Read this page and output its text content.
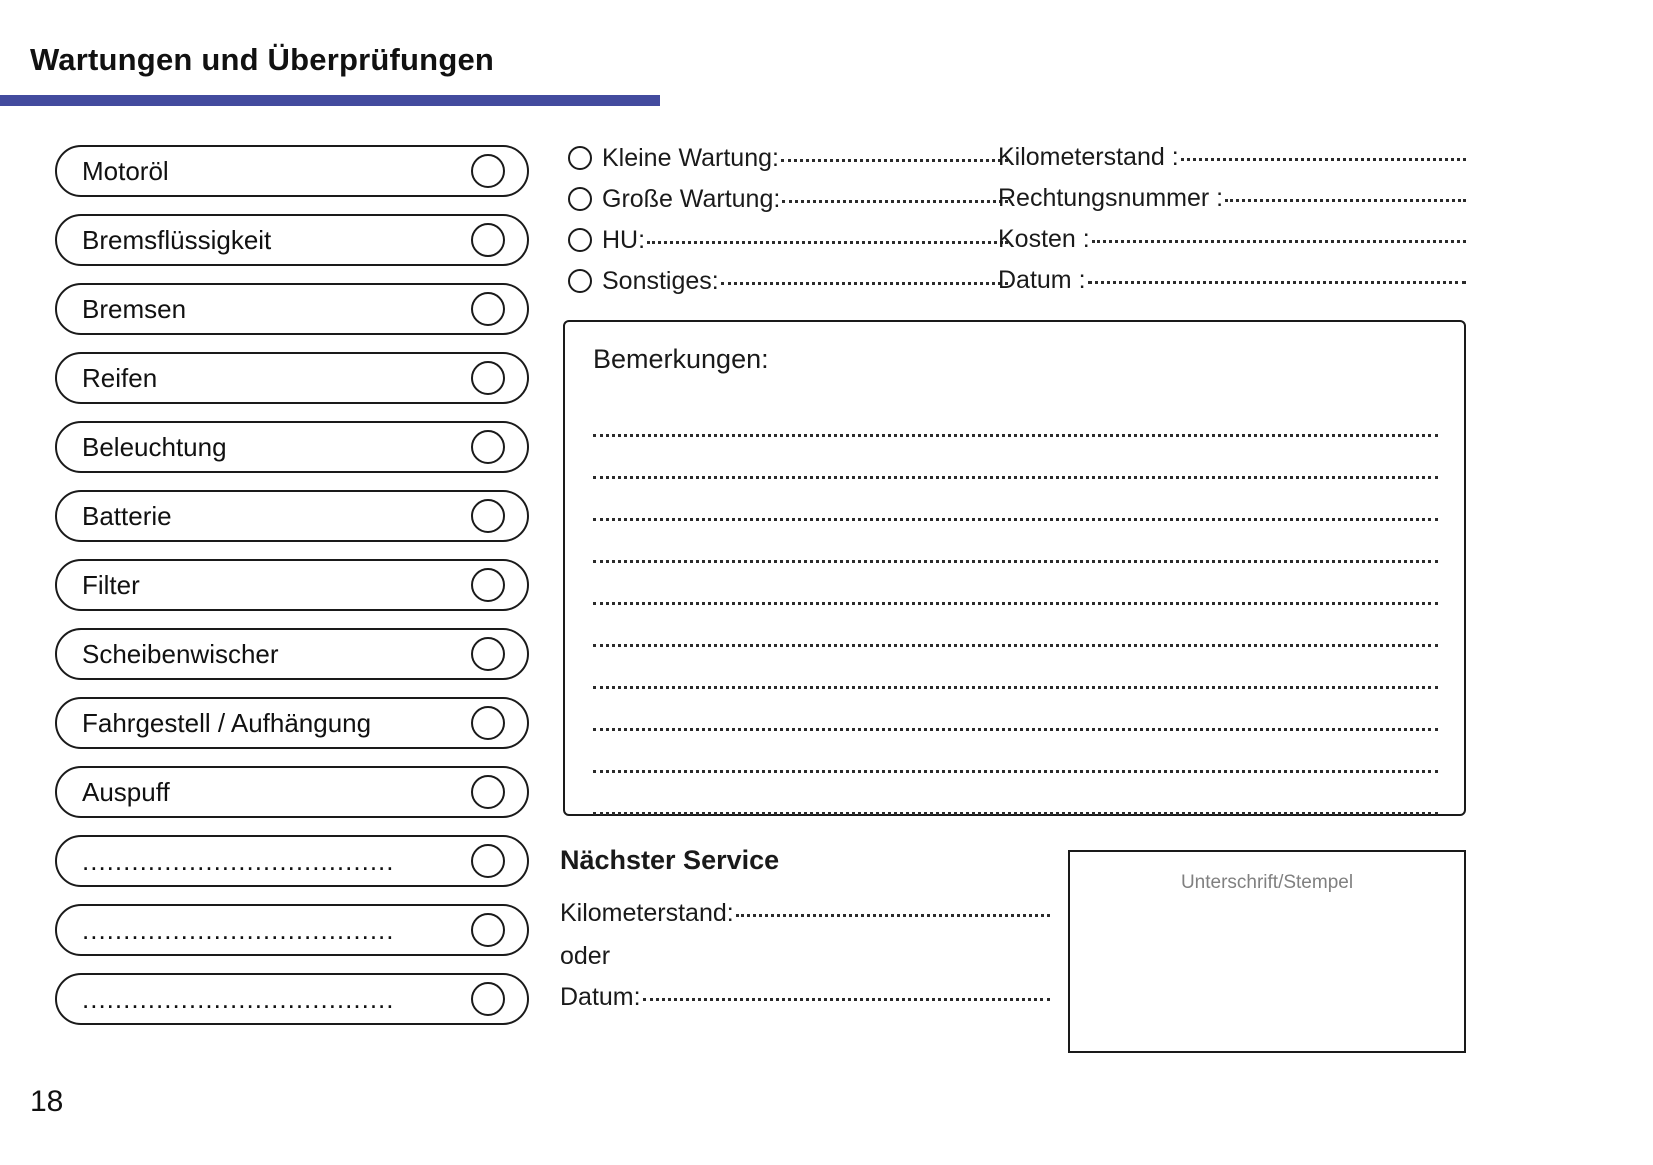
Wartungen und Überprüfungen
Motoröl
Bremsflüssigkeit
Bremsen
Reifen
Beleuchtung
Batterie
Filter
Scheibenwischer
Fahrgestell / Aufhängung
Auspuff
......................................
......................................
......................................
Kleine Wartung:
Große Wartung:
HU:
Sonstiges:
Kilometerstand :
Rechtungsnummer :
Kosten :
Datum :
Bemerkungen:
Nächster Service
Kilometerstand:
oder
Datum:
Unterschrift/Stempel
18
